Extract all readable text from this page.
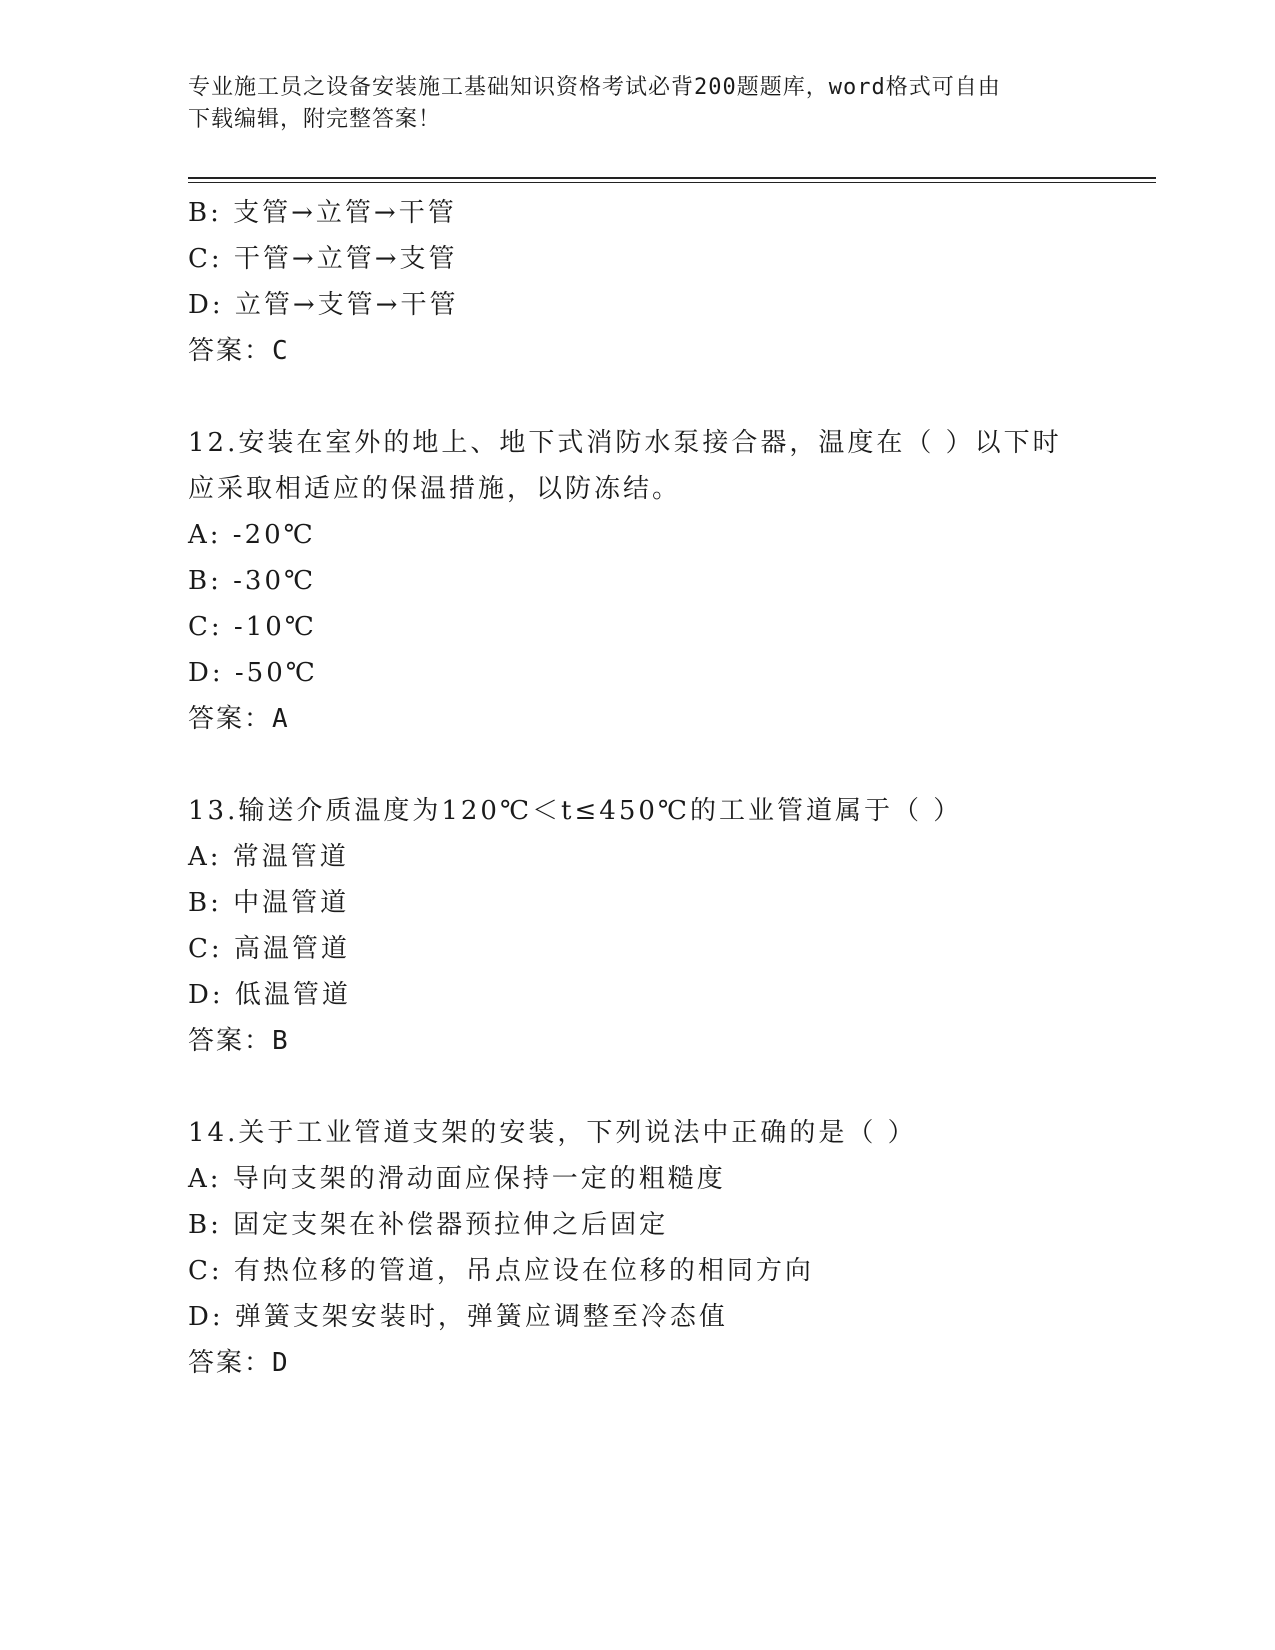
专业施工员之设备安装施工基础知识资格考试必背200题题库，word格式可自由
下载编辑，附完整答案！
B: 支管→立管→干管
C: 干管→立管→支管
D: 立管→支管→干管
答案：C
12.安装在室外的地上、地下式消防水泵接合器，温度在（ ）以下时
应采取相适应的保温措施，以防冻结。
A: -20℃
B: -30℃
C: -10℃
D: -50℃
答案：A
13.输送介质温度为120℃＜t≤450℃的工业管道属于（ ）
A: 常温管道
B: 中温管道
C: 高温管道
D: 低温管道
答案：B
14.关于工业管道支架的安装，下列说法中正确的是（ ）
A: 导向支架的滑动面应保持一定的粗糙度
B: 固定支架在补偿器预拉伸之后固定
C: 有热位移的管道，吊点应设在位移的相同方向
D: 弹簧支架安装时，弹簧应调整至冷态值
答案：D
